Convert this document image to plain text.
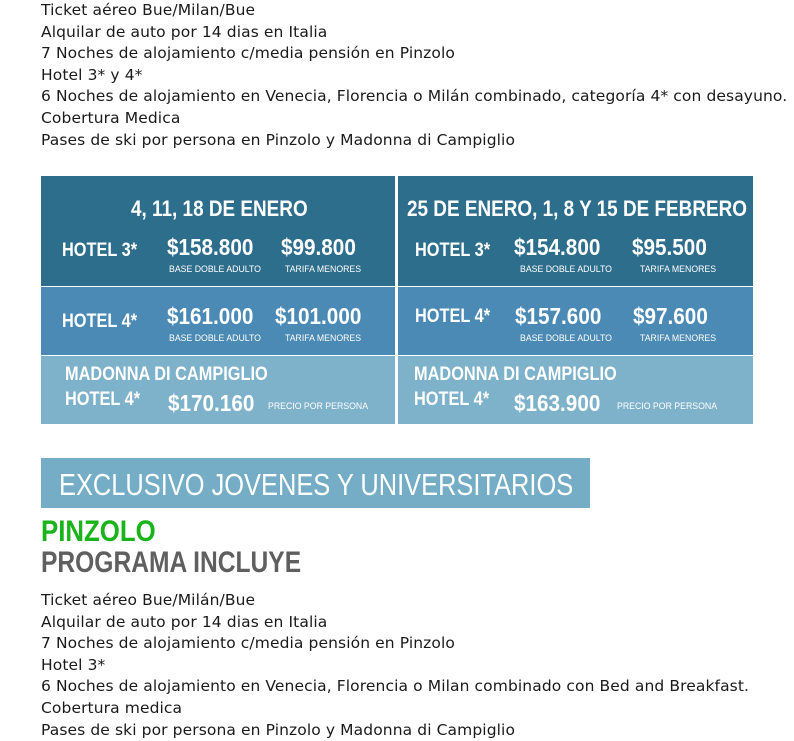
Ticket aéreo Bue/Milan/Bue
Alquilar de auto por 14 dias en Italia
7 Noches de alojamiento c/media pensión en Pinzolo
Hotel 3* y 4*
6 Noches de alojamiento en Venecia, Florencia o Milán combinado, categoría 4* con desayuno.
Cobertura Medica
Pases de ski por persona en Pinzolo y Madonna di Campiglio
4, 11, 18 DE ENERO
HOTEL 3* $158.800 $99.800
BASE DOBLE ADULTO	TARIFA MENORES
HOTEL 4* $161.000 $101.000
BASE DOBLE ADULTO	TARIFA MENORES
MADONNA DI CAMPIGLIO
HOTEL 4* $170.160 PRECIO POR PERSONA
25 DE ENERO, 1, 8 Y 15 DE FEBRERO
HOTEL 3* $154.800 $95.500
BASE DOBLE ADULTO	TARIFA MENORES
HOTEL 4* $157.600 $97.600
BASE DOBLE ADULTO	TARIFA MENORES
MADONNA DI CAMPIGLIO
HOTEL 4* $163.900 PRECIO POR PERSONA
EXCLUSIVO JOVENES Y UNIVERSITARIOS
PINZOLO
PROGRAMA INCLUYE
Ticket aéreo Bue/Milán/Bue
Alquilar de auto por 14 dias en Italia
7 Noches de alojamiento c/media pensión en Pinzolo
Hotel 3*
6 Noches de alojamiento en Venecia, Florencia o Milan combinado con Bed and Breakfast.
Cobertura medica
Pases de ski por persona en Pinzolo y Madonna di Campiglio
